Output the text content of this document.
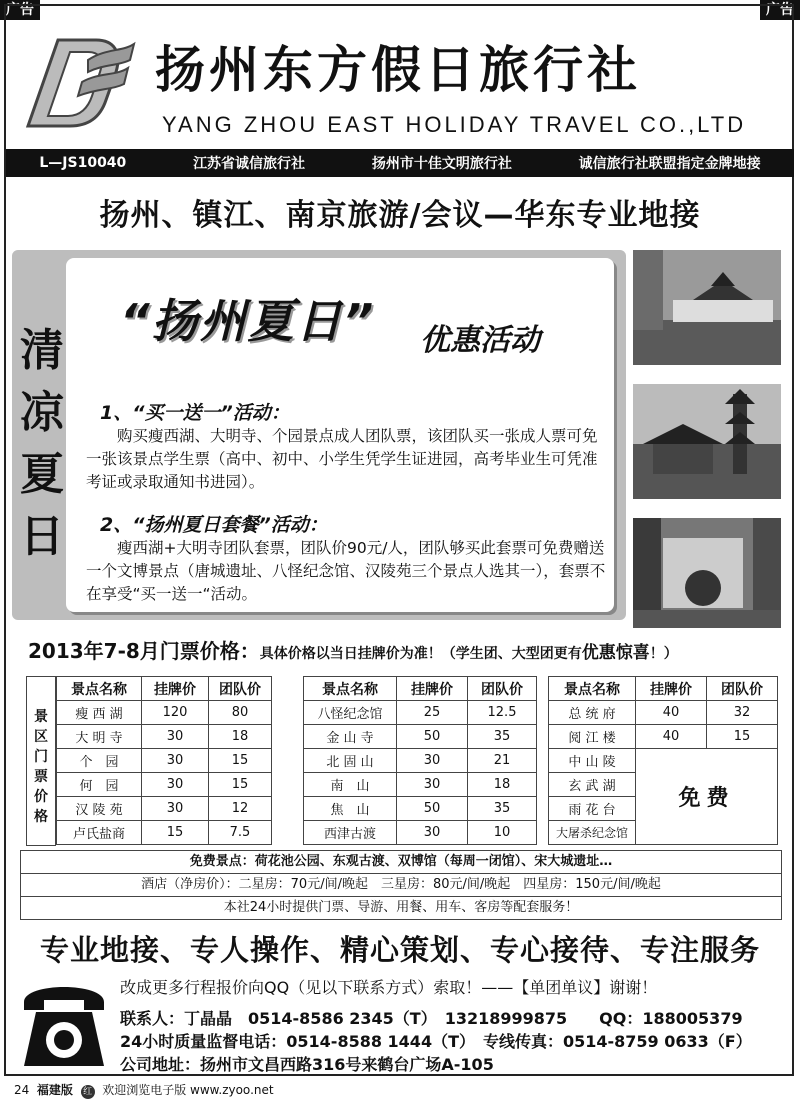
广告	广告
扬州东方假日旅行社
YANG ZHOU EAST HOLIDAY TRAVEL CO.,LTD
L—JS10040	江苏省诚信旅行社	扬州市十佳文明旅行社	诚信旅行社联盟指定金牌地接
扬州、镇江、南京旅游/会议—华东专业地接
清
凉
夏
日
“扬州夏日” 优惠活动
1、“买一送一”活动：
购买瘦西湖、大明寺、个园景点成人团队票，该团队买一张成人票可免一张该景点学生票（高中、初中、小学生凭学生证进园，高考毕业生可凭准考证或录取通知书进园）。
2、“扬州夏日套餐”活动：
瘦西湖+大明寺团队套票，团队价90元/人，团队够买此套票可免费赠送一个文博景点（唐城遗址、八怪纪念馆、汉陵苑三个景点人选其一），套票不在享受“买一送一“活动。
2013年7-8月门票价格：具体价格以当日挂牌价为准！（学生团、大型团更有优惠惊喜！）
景
区
门
票
价
格
景点名称	挂牌价	团队价
瘦 西 湖	120	80
大 明 寺	30	18
个　园	30	15
何　园	30	15
汉 陵 苑	30	12
卢氏盐商	15	7.5
景点名称	挂牌价	团队价
八怪纪念馆	25	12.5
金 山 寺	50	35
北 固 山	30	21
南　山	30	18
焦　山	50	35
西津古渡	30	10
景点名称	挂牌价	团队价
总 统 府	40	32
阅 江 楼	40	15
中 山 陵	免费	
玄 武 湖		
雨 花 台		
大屠杀纪念馆		
免费景点：荷花池公园、东观古渡、双博馆（每周一闭馆）、宋大城遗址…
酒店（净房价）：二星房：70元/间/晚起　三星房：80元/间/晚起　四星房：150元/间/晚起
本社24小时提供门票、导游、用餐、用车、客房等配套服务！
专业地接、专人操作、精心策划、专心接待、专注服务
改成更多行程报价向QQ（见以下联系方式）索取！——【单团单议】谢谢！
联系人：丁晶晶　0514-8586 2345（T）　13218999875　　QQ：188005379
24小时质量监督电话：0514-8588 1444（T）　专线传真：0514-8759 0633（F）
公司地址：扬州市文昌西路316号来鹤台广场A-105
24 福建版 红 欢迎浏览电子版 www.zyoo.net
